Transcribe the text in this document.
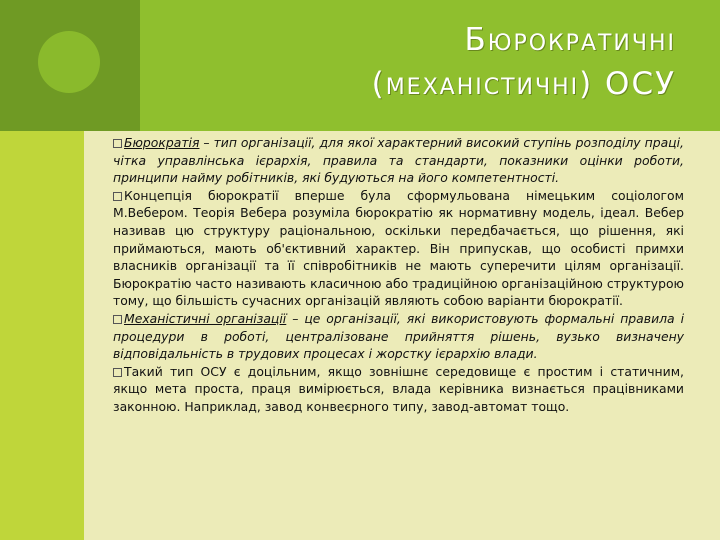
Бюрократичні
(механістичні) ОСУ

Бюрократія – тип організації, для якої характерний високий ступінь розподілу праці, чітка управлінська ієрархія, правила та стандарти, показники оцінки роботи, принципи найму робітників, які будуються на його компетентності.

Концепція бюрократії вперше була сформульована німецьким соціологом М.Вебером. Теорія Вебера розуміла бюрократію як нормативну модель, ідеал. Вебер називав цю структуру раціональною, оскільки передбачається, що рішення, які приймаються, мають об'єктивний характер. Він припускав, що особисті примхи власників організації та її співробітників не мають суперечити цілям організації. Бюрократію часто називають класичною або традиційною організаційною структурою тому, що більшість сучасних організацій являють собою варіанти бюрократії.

Механістичні організації – це організації, які використовують формальні правила і процедури в роботі, централізоване прийняття рішень, вузько визначену відповідальність в трудових процесах і жорстку ієрархію влади.

Такий тип ОСУ є доцільним, якщо зовнішнє середовище є простим і статичним, якщо мета проста, праця вимірюється, влада керівника визнається працівниками законною. Наприклад, завод конвеєрного типу, завод-автомат тощо.
